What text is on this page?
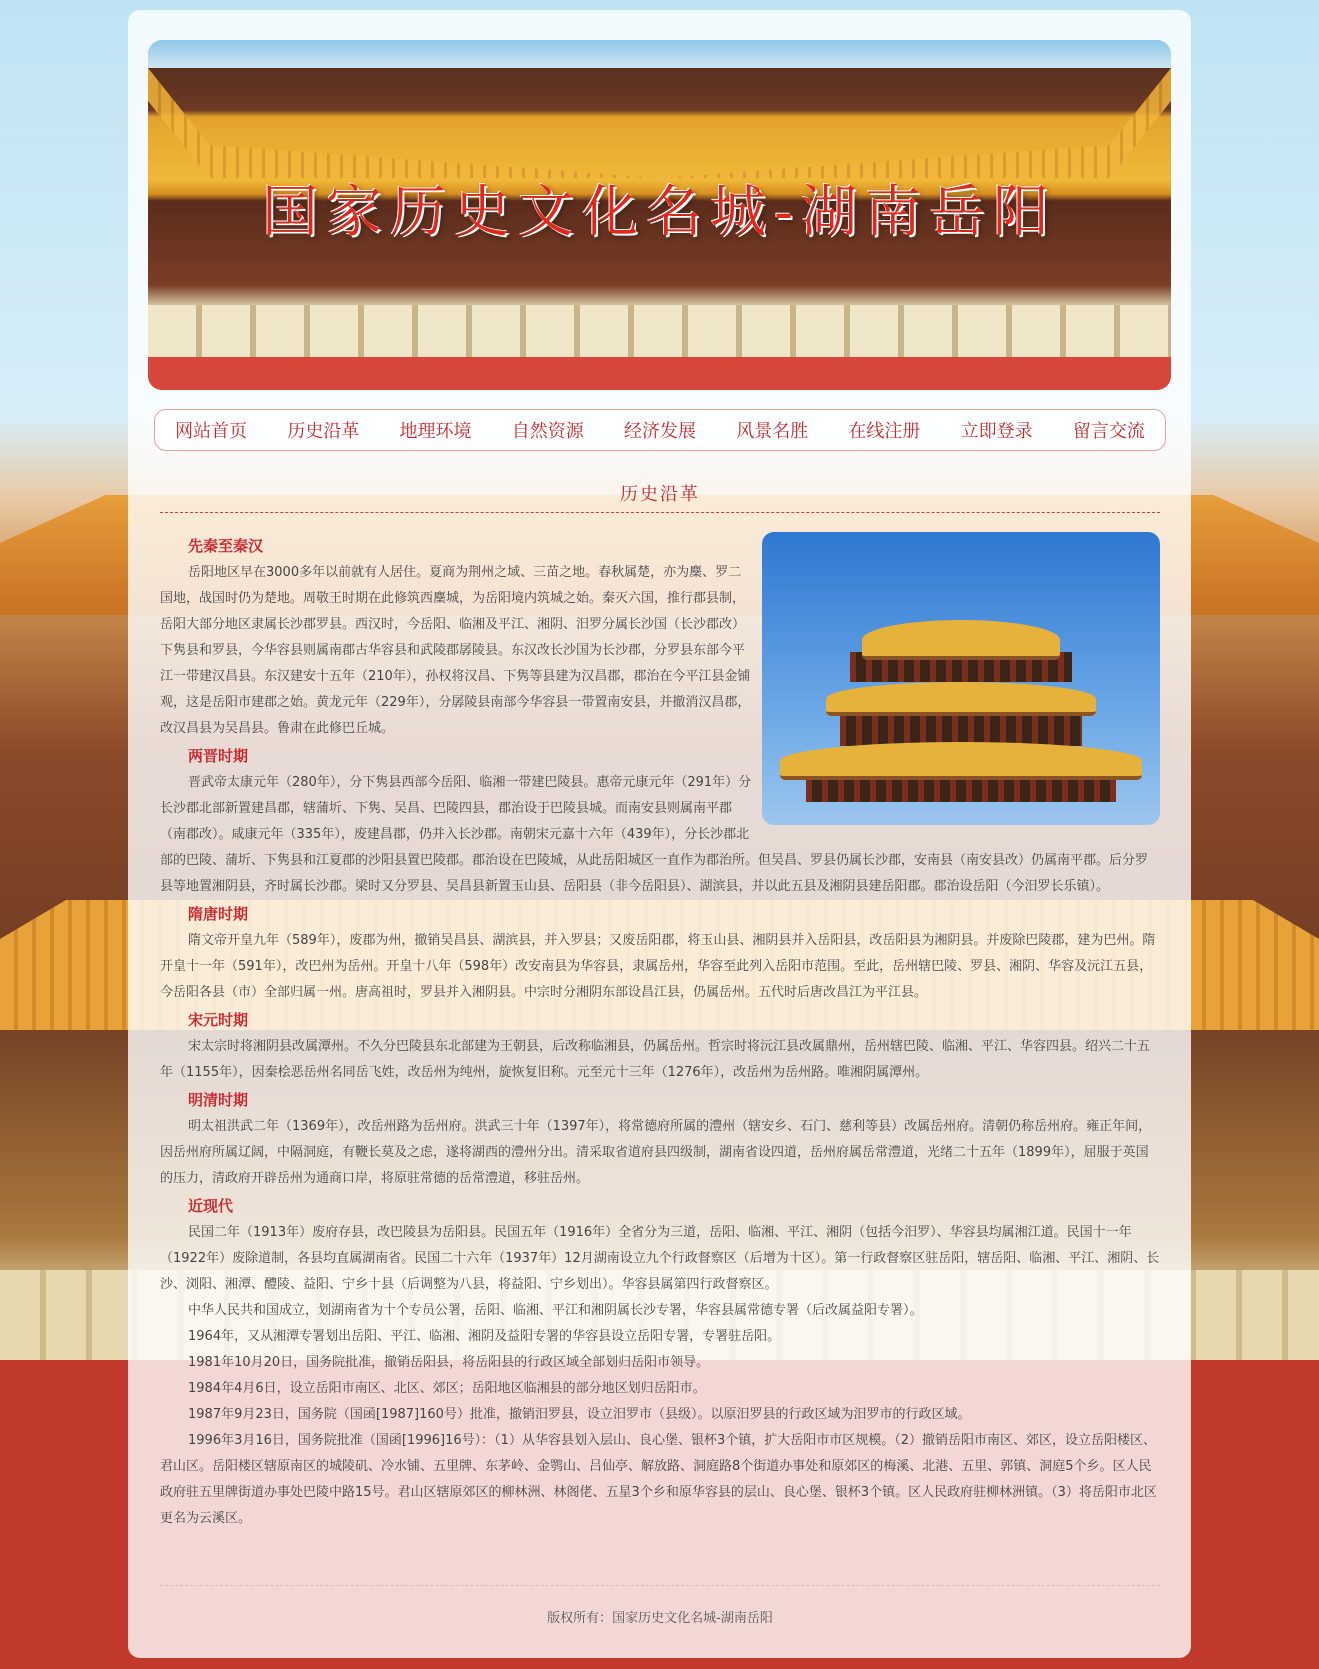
国家历史文化名城-湖南岳阳
网站首页 历史沿革 地理环境 自然资源 经济发展 风景名胜 在线注册 立即登录 留言交流
历史沿革
先秦至秦汉

岳阳地区早在3000多年以前就有人居住。夏商为荆州之域、三苗之地。春秋属楚，亦为麇、罗二国地，战国时仍为楚地。周敬王时期在此修筑西麇城，为岳阳境内筑城之始。秦灭六国，推行郡县制，岳阳大部分地区隶属长沙郡罗县。西汉时，今岳阳、临湘及平江、湘阴、汨罗分属长沙国（长沙郡改）下隽县和罗县，今华容县则属南郡古华容县和武陵郡孱陵县。东汉改长沙国为长沙郡，分罗县东部今平江一带建汉昌县。东汉建安十五年（210年），孙权将汉昌、下隽等县建为汉昌郡，郡治在今平江县金铺观，这是岳阳市建郡之始。黄龙元年（229年），分孱陵县南部今华容县一带置南安县，并撤消汉昌郡，改汉昌县为吴昌县。鲁肃在此修巴丘城。

两晋时期

晋武帝太康元年（280年），分下隽县西部今岳阳、临湘一带建巴陵县。惠帝元康元年（291年）分长沙郡北部新置建昌郡，辖蒲圻、下隽、吴昌、巴陵四县，郡治设于巴陵县城。而南安县则属南平郡（南郡改）。咸康元年（335年），废建昌郡，仍并入长沙郡。南朝宋元嘉十六年（439年），分长沙郡北部的巴陵、蒲圻、下隽县和江夏郡的沙阳县置巴陵郡。郡治设在巴陵城，从此岳阳城区一直作为郡治所。但吴昌、罗县仍属长沙郡，安南县（南安县改）仍属南平郡。后分罗县等地置湘阴县，齐时属长沙郡。梁时又分罗县、吴昌县新置玉山县、岳阳县（非今岳阳县）、湖滨县，并以此五县及湘阴县建岳阳郡。郡治设岳阳（今汨罗长乐镇）。

隋唐时期

隋文帝开皇九年（589年），废郡为州，撤销吴昌县、湖滨县，并入罗县；又废岳阳郡，将玉山县、湘阴县并入岳阳县，改岳阳县为湘阴县。并废除巴陵郡，建为巴州。隋开皇十一年（591年），改巴州为岳州。开皇十八年（598年）改安南县为华容县，隶属岳州，华容至此列入岳阳市范围。至此，岳州辖巴陵、罗县、湘阴、华容及沅江五县，今岳阳各县（市）全部归属一州。唐高祖时，罗县并入湘阴县。中宗时分湘阴东部设昌江县，仍属岳州。五代时后唐改昌江为平江县。

宋元时期

宋太宗时将湘阴县改属潭州。不久分巴陵县东北部建为王朝县，后改称临湘县，仍属岳州。哲宗时将沅江县改属鼎州，岳州辖巴陵、临湘、平江、华容四县。绍兴二十五年（1155年），因秦桧恶岳州名同岳飞姓，改岳州为纯州，旋恢复旧称。元至元十三年（1276年），改岳州为岳州路。唯湘阴属潭州。

明清时期

明太祖洪武二年（1369年），改岳州路为岳州府。洪武三十年（1397年），将常德府所属的澧州（辖安乡、石门、慈利等县）改属岳州府。清朝仍称岳州府。雍正年间，因岳州府所属辽阔，中隔洞庭，有鞭长莫及之虑，遂将湖西的澧州分出。清采取省道府县四级制，湖南省设四道，岳州府属岳常澧道，光绪二十五年（1899年），屈服于英国的压力，清政府开辟岳州为通商口岸，将原驻常德的岳常澧道，移驻岳州。

近现代

民国二年（1913年）废府存县，改巴陵县为岳阳县。民国五年（1916年）全省分为三道，岳阳、临湘、平江、湘阴（包括今汨罗）、华容县均属湘江道。民国十一年（1922年）废除道制，各县均直属湖南省。民国二十六年（1937年）12月湖南设立九个行政督察区（后增为十区）。第一行政督察区驻岳阳，辖岳阳、临湘、平江、湘阴、长沙、浏阳、湘潭、醴陵、益阳、宁乡十县（后调整为八县，将益阳、宁乡划出）。华容县属第四行政督察区。

中华人民共和国成立，划湖南省为十个专员公署，岳阳、临湘、平江和湘阴属长沙专署，华容县属常德专署（后改属益阳专署）。

1964年，又从湘潭专署划出岳阳、平江、临湘、湘阴及益阳专署的华容县设立岳阳专署，专署驻岳阳。

1981年10月20日，国务院批准，撤销岳阳县，将岳阳县的行政区域全部划归岳阳市领导。

1984年4月6日，设立岳阳市南区、北区、郊区；岳阳地区临湘县的部分地区划归岳阳市。

1987年9月23日，国务院（国函[1987]160号）批准，撤销汨罗县，设立汨罗市（县级）。以原汨罗县的行政区域为汨罗市的行政区域。

1996年3月16日，国务院批准（国函[1996]16号）：（1）从华容县划入层山、良心堡、银杯3个镇，扩大岳阳市市区规模。（2）撤销岳阳市南区、郊区，设立岳阳楼区、君山区。岳阳楼区辖原南区的城陵矶、冷水铺、五里牌、东茅岭、金鹗山、吕仙亭、解放路、洞庭路8个街道办事处和原郊区的梅溪、北港、五里、郭镇、洞庭5个乡。区人民政府驻五里牌街道办事处巴陵中路15号。君山区辖原郊区的柳林洲、林阁佬、五星3个乡和原华容县的层山、良心堡、银杯3个镇。区人民政府驻柳林洲镇。（3）将岳阳市北区更名为云溪区。

版权所有：国家历史文化名城-湖南岳阳
